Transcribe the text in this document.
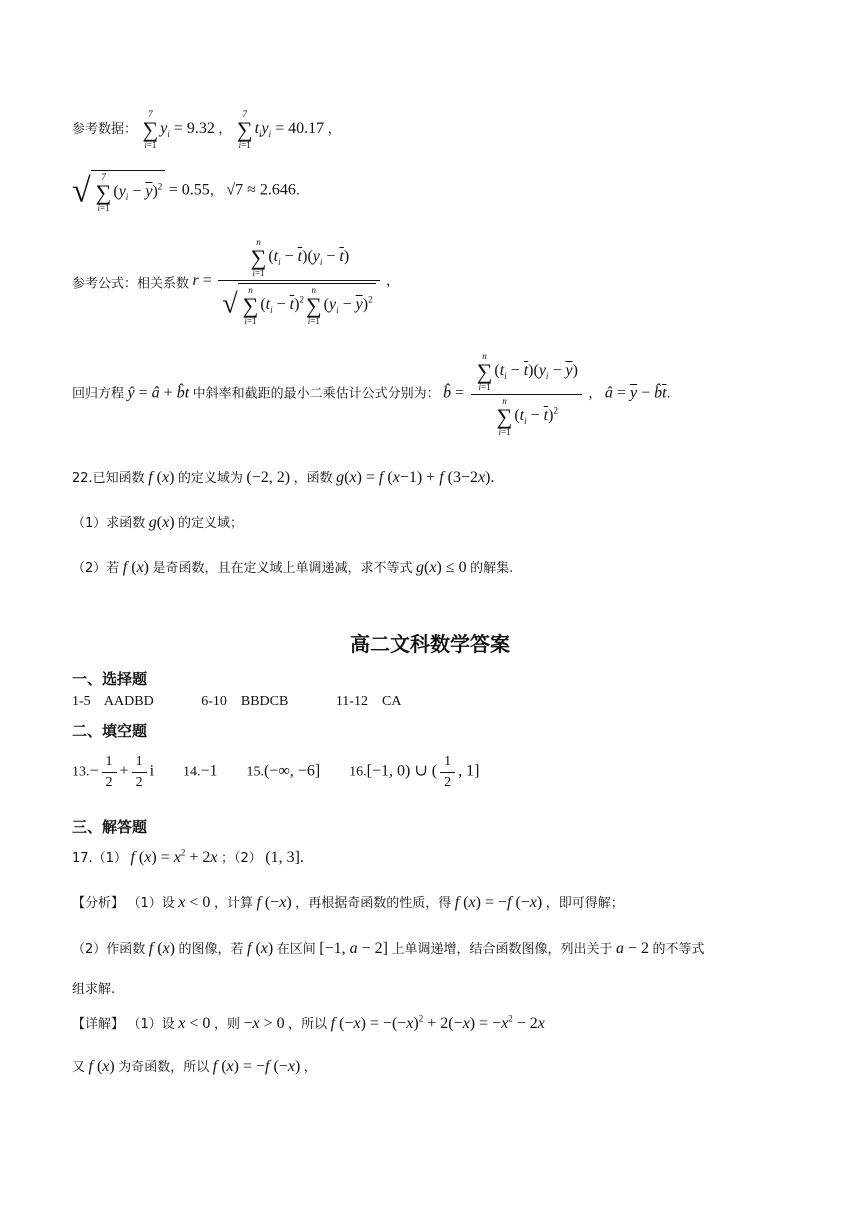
参考数据：
7
∑
i=1
$y_i = 9.32$ ，
7
∑
i=1
$t_iy_i = 40.17$ ，
√	7
∑
i=1
$(y_i - \overline{y})^2 = 0.55$， √7 ≈ 2.646.
参考公式：相关系数 r = n
∑
i=1
$(t_i - \overline{t})(y_i - \overline{t})$
√	n
∑
i=1
$(t_i - \overline{t})^2$
n
∑
i=1
$(y_i - \overline{y})^2$ ，
回归方程 ŷ = â + b̂t 中斜率和截距的最小二乘估计公式分别为： b̂ = n
∑
i=1
$(t_i - \overline{t})(y_i - \overline{y})$
n
∑
i=1
$(t_i - \overline{t})^2$ ， â = $\overline{y}$ − $b̂\overline{t}$.
22.已知函数 f (x) 的定义域为 (−2, 2) ，函数 g(x) = f (x−1) + f (3−2x).
（1）求函数 g(x) 的定义域；
（2）若 f (x) 是奇函数，且在定义域上单调递减，求不等式 g(x) ≤ 0 的解集.
高二文科数学答案
一、选择题
1-5 AADBD	6-10 BBDCB	11-12 CA
二、填空题
$13.- \frac{1}{2} + \frac{1}{2}$ i 14.−1 15.(−∞, −6] 16.[−1, 0) ∪ ( $\frac{1}{2}$ , 1]
三、解答题
17.（1） f $(x) = x^2 + 2x$ ；（2） (1, 3].
【分析】 （1）设 x < 0 ，计算 f (−x) ，再根据奇函数的性质，得 f (x) = −f (−x) ，即可得解；
（2）作函数 f (x) 的图像，若 f (x) 在区间 [−1, a − 2] 上单调递增，结合函数图像，列出关于 a − 2 的不等式
组求解.
【详解】 （1）设 x < 0 ，则 −x > 0 ，所以 f $(-x) = -(-x)^2 + 2(-x) = -x^2 - 2x$
又 f (x) 为奇函数，所以 f (x) = −f (−x) ，
